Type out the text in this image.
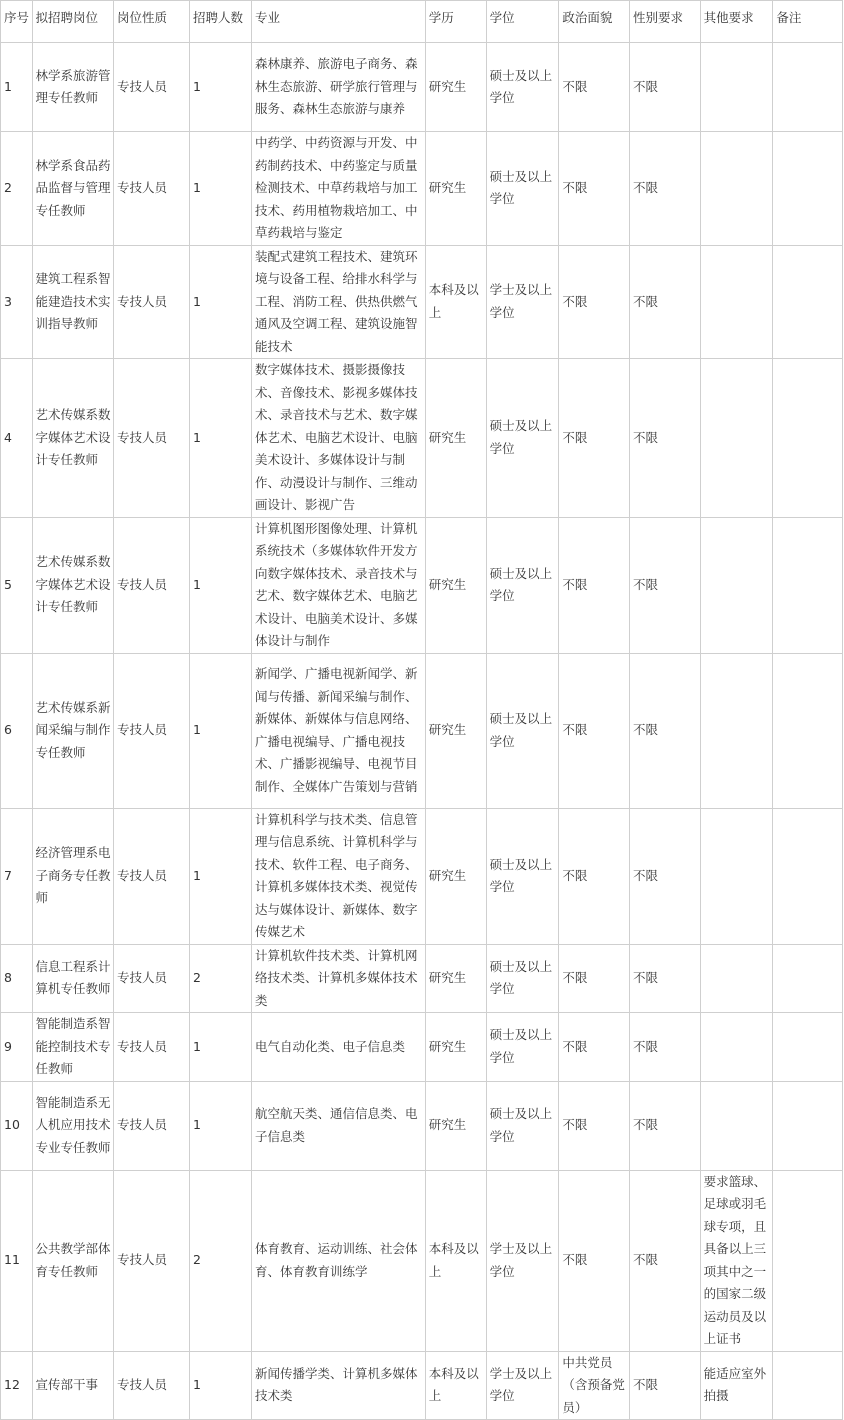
序号	拟招聘岗位	岗位性质	招聘人数	专业	学历	学位	政治面貌	性别要求	其他要求	备注
1	林学系旅游管理专任教师	专技人员	1	森林康养、旅游电子商务、森林生态旅游、研学旅行管理与服务、森林生态旅游与康养	研究生	硕士及以上学位	不限	不限		
2	林学系食品药品监督与管理专任教师	专技人员	1	中药学、中药资源与开发、中药制药技术、中药鉴定与质量检测技术、中草药栽培与加工技术、药用植物栽培加工、中草药栽培与鉴定	研究生	硕士及以上学位	不限	不限		
3	建筑工程系智能建造技术实训指导教师	专技人员	1	装配式建筑工程技术、建筑环境与设备工程、给排水科学与工程、消防工程、供热供燃气通风及空调工程、建筑设施智能技术	本科及以上	学士及以上学位	不限	不限		
4	艺术传媒系数字媒体艺术设计专任教师	专技人员	1	数字媒体技术、摄影摄像技术、音像技术、影视多媒体技术、录音技术与艺术、数字媒体艺术、电脑艺术设计、电脑美术设计、多媒体设计与制作、动漫设计与制作、三维动画设计、影视广告	研究生	硕士及以上学位	不限	不限		
5	艺术传媒系数字媒体艺术设计专任教师	专技人员	1	计算机图形图像处理、计算机系统技术（多媒体软件开发方向数字媒体技术、录音技术与艺术、数字媒体艺术、电脑艺术设计、电脑美术设计、多媒体设计与制作	研究生	硕士及以上学位	不限	不限		
6	艺术传媒系新闻采编与制作专任教师	专技人员	1	新闻学、广播电视新闻学、新闻与传播、新闻采编与制作、新媒体、新媒体与信息网络、广播电视编导、广播电视技术、广播影视编导、电视节目制作、全媒体广告策划与营销	研究生	硕士及以上学位	不限	不限		
7	经济管理系电子商务专任教师	专技人员	1	计算机科学与技术类、信息管理与信息系统、计算机科学与技术、软件工程、电子商务、计算机多媒体技术类、视觉传达与媒体设计、新媒体、数字传媒艺术	研究生	硕士及以上学位	不限	不限		
8	信息工程系计算机专任教师	专技人员	2	计算机软件技术类、计算机网络技术类、计算机多媒体技术类	研究生	硕士及以上学位	不限	不限		
9	智能制造系智能控制技术专任教师	专技人员	1	电气自动化类、电子信息类	研究生	硕士及以上学位	不限	不限		
10	智能制造系无人机应用技术专业专任教师	专技人员	1	航空航天类、通信信息类、电子信息类	研究生	硕士及以上学位	不限	不限		
11	公共教学部体育专任教师	专技人员	2	体育教育、运动训练、社会体育、体育教育训练学	本科及以上	学士及以上学位	不限	不限	要求篮球、足球或羽毛球专项，且具备以上三项其中之一的国家二级运动员及以上证书	
12	宣传部干事	专技人员	1	新闻传播学类、计算机多媒体技术类	本科及以上	学士及以上学位	中共党员（含预备党员）	不限	能适应室外拍摄	
